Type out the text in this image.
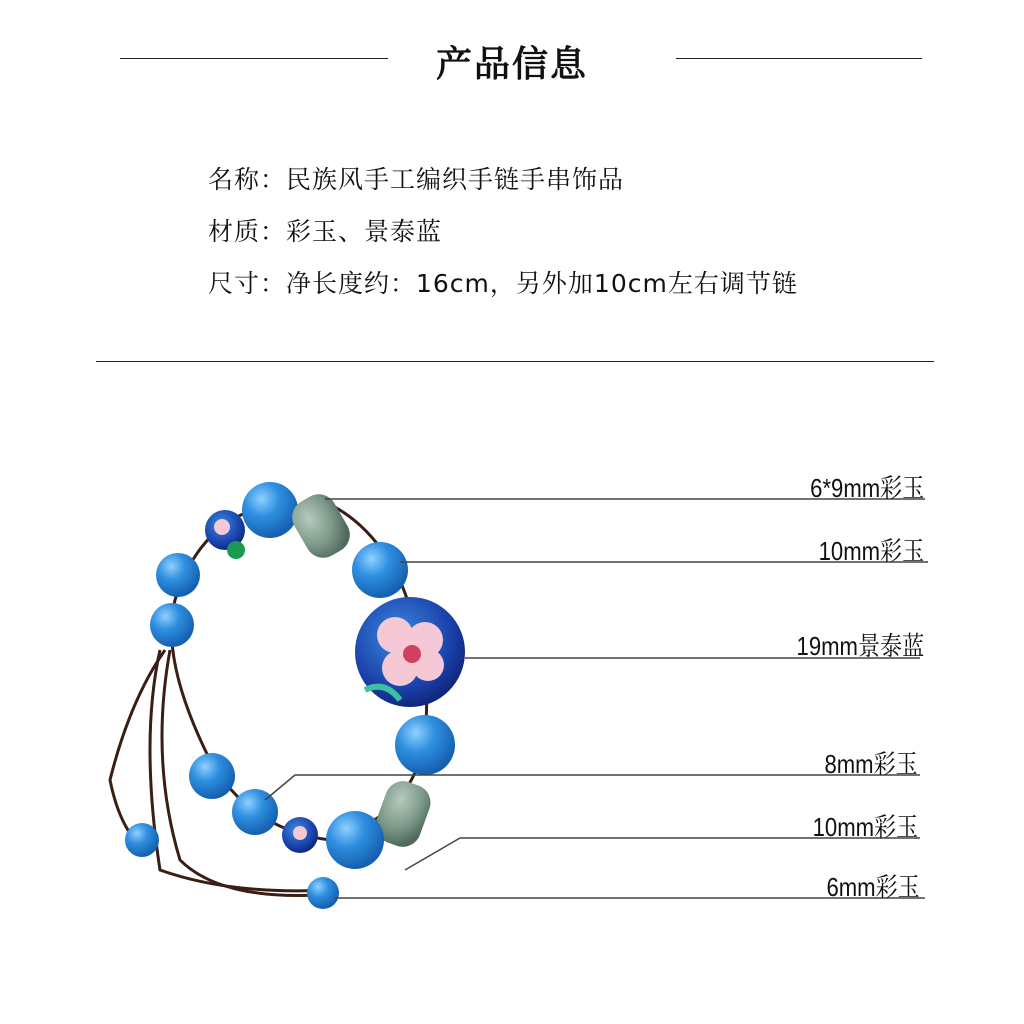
产品信息
名称：民族风手工编织手链手串饰品
材质：彩玉、景泰蓝
尺寸：净长度约：16cm，另外加10cm左右调节链
6*9mm彩玉
10mm彩玉
19mm景泰蓝
8mm彩玉
10mm彩玉
6mm彩玉
